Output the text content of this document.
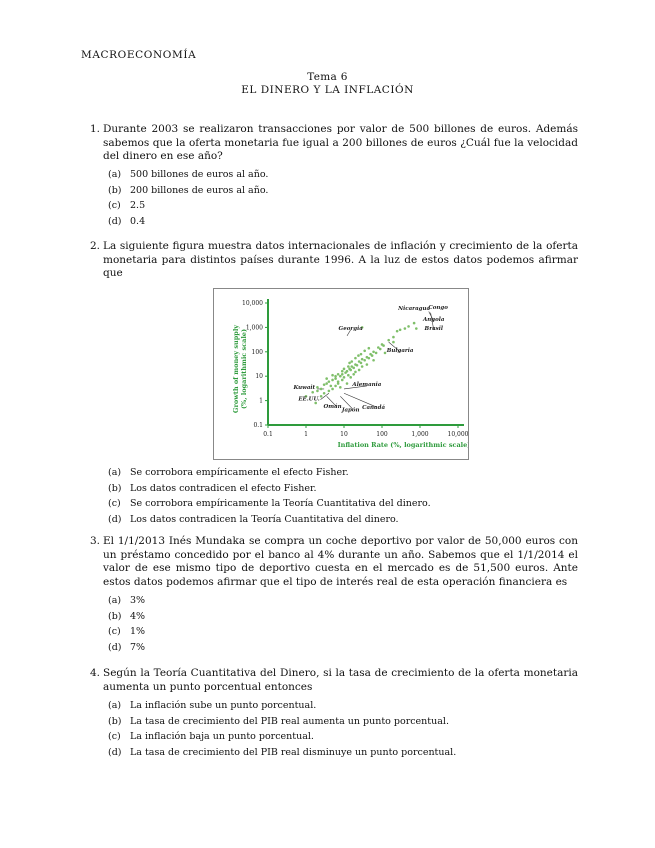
MACROECONOMÍA
Tema 6
EL DINERO Y LA INFLACIÓN
1. Durante 2003 se realizaron transacciones por valor de 500 billones de euros. Además sabemos que la oferta monetaria fue igual a 200 billones de euros ¿Cuál fue la velocidad del dinero en ese año?
(a) 500 billones de euros al año.
(b) 200 billones de euros al año.
(c) 2.5
(d) 0.4
2. La siguiente figura muestra datos internacionales de inflación y crecimiento de la oferta monetaria para distintos países durante 1996. A la luz de estos datos podemos afirmar que
0.1	1	10	100	1,000	10,000
0.1
1
10
100
1,000
10,000
Inflation Rate (%, logarithmic scale)
Growth of money supply(%, logarithmic scale)
Nicaragua
Congo
Angola
Brasil
Georgia
Bulgaria
Alemania
Kuwait
EE.UU.
Omán
Japón Canadá
(a) Se corrobora empíricamente el efecto Fisher.
(b) Los datos contradicen el efecto Fisher.
(c) Se corrobora empíricamente la Teoría Cuantitativa del dinero.
(d) Los datos contradicen la Teoría Cuantitativa del dinero.
3. El 1/1/2013 Inés Mundaka se compra un coche deportivo por valor de 50,000 euros con un préstamo concedido por el banco al 4% durante un año. Sabemos que el 1/1/2014 el valor de ese mismo tipo de deportivo cuesta en el mercado es de 51,500 euros. Ante estos datos podemos afirmar que el tipo de interés real de esta operación financiera es
(a) 3%
(b) 4%
(c) 1%
(d) 7%
4. Según la Teoría Cuantitativa del Dinero, si la tasa de crecimiento de la oferta monetaria aumenta un punto porcentual entonces
(a) La inflación sube un punto porcentual.
(b) La tasa de crecimiento del PIB real aumenta un punto porcentual.
(c) La inflación baja un punto porcentual.
(d) La tasa de crecimiento del PIB real disminuye un punto porcentual.
